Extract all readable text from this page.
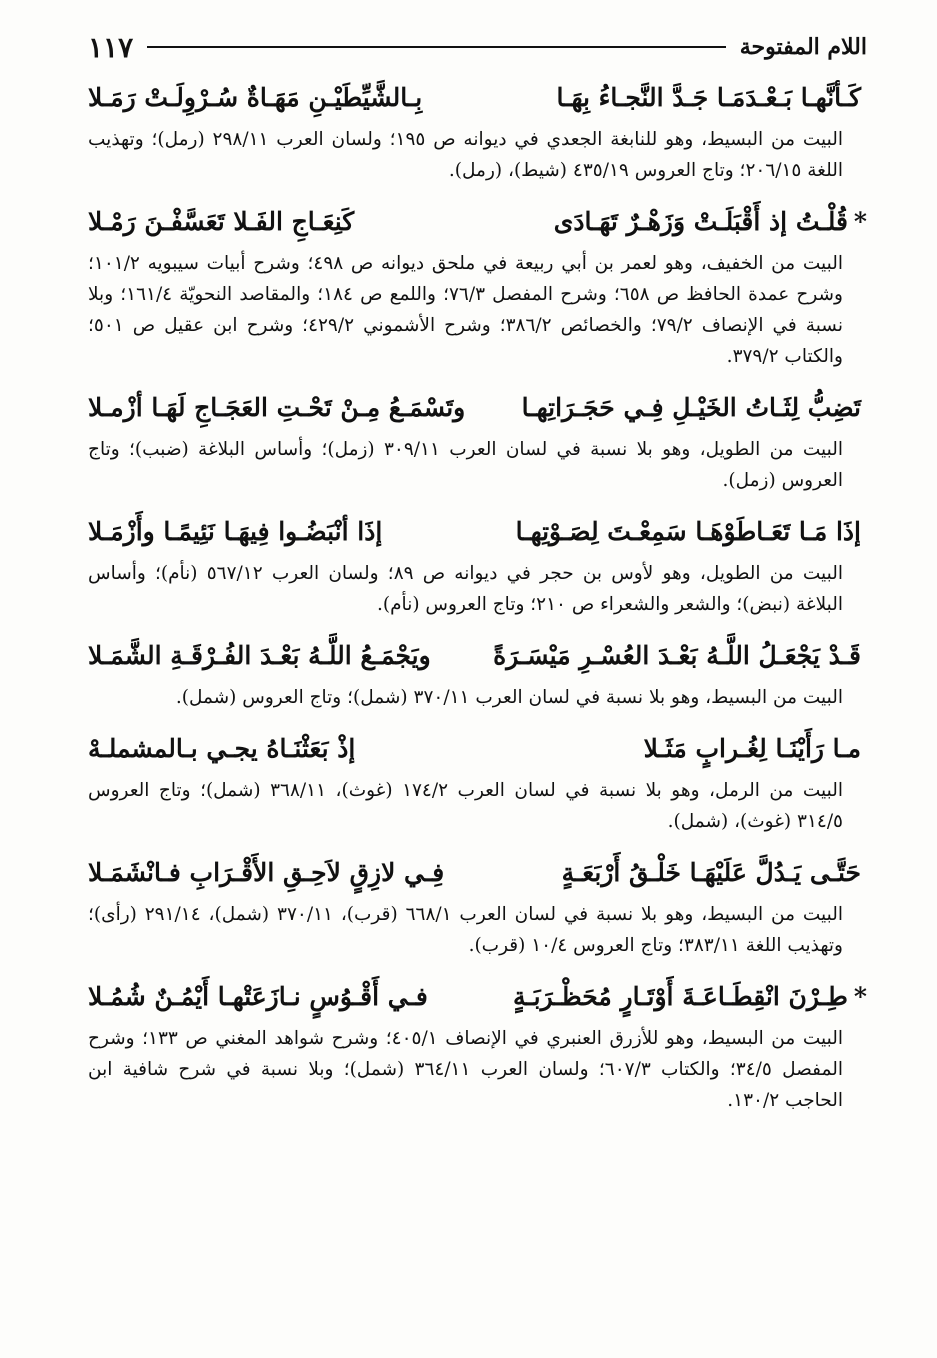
اللام المفتوحة
١١٧
كَـأنَّهـا بَـعْـدَمَـا جَـدَّ النَّجـاءُ بِهَـا
بِـالشَّيِّطَيْـنِ مَهَـاةٌ سُـرْوِلَـتْ رَمَـلا
البيت من البسيط، وهو للنابغة الجعدي في ديوانه ص ١٩٥؛ ولسان العرب ٢٩٨/١١ (رمل)؛ وتهذيب اللغة ٢٠٦/١٥؛ وتاج العروس ٤٣٥/١٩ (شيط)، (رمل).
*قُلْـتُ إذ أَقْبَلَـتْ وَزَهْـرٌ تَهَـادَى
كَنِعَـاجِ الفَـلا تَعَسَّفْـنَ رَمْـلا
البيت من الخفيف، وهو لعمر بن أبي ربيعة في ملحق ديوانه ص ٤٩٨؛ وشرح أبيات سيبويه ١٠١/٢؛ وشرح عمدة الحافظ ص ٦٥٨؛ وشرح المفصل ٧٦/٣؛ واللمع ص ١٨٤؛ والمقاصد النحويّة ١٦١/٤؛ وبلا نسبة في الإنصاف ٧٩/٢؛ والخصائص ٣٨٦/٢؛ وشرح الأشموني ٤٢٩/٢؛ وشرح ابن عقيل ص ٥٠١؛ والكتاب ٣٧٩/٢.
تَضِبُّ لِثَـاتُ الخَيْـلِ فِـي حَجَـرَاتِهـا
وتَسْمَـعُ مِـنْ تَحْـتِ العَجَـاجِ لَهَـا أزْمـلا
البيت من الطويل، وهو بلا نسبة في لسان العرب ٣٠٩/١١ (زمل)؛ وأساس البلاغة (ضبب)؛ وتاج العروس (زمل).
إذَا مَـا تَعَـاطَوْهَـا سَمِعْـتَ لِصَـوْتِهـا
إذَا أنْبَضُـوا فِيهَـا نَئِيمًـا وأَزْمَـلا
البيت من الطويل، وهو لأوس بن حجر في ديوانه ص ٨٩؛ ولسان العرب ٥٦٧/١٢ (نأم)؛ وأساس البلاغة (نبض)؛ والشعر والشعراء ص ٢١٠؛ وتاج العروس (نأم).
قَـدْ يَجْعَـلُ اللَّـهُ بَعْـدَ العُسْـرِ مَيْسَـرَةً
ويَجْمَـعُ اللَّـهُ بَعْـدَ الفُـرْقَـةِ الشَّمَـلا
البيت من البسيط، وهو بلا نسبة في لسان العرب ٣٧٠/١١ (شمل)؛ وتاج العروس (شمل).
مـا رَأَيْنَـا لِغُـرابٍ مَثَـلا
إذْ بَعَثْنَـاهُ يجـي بـالمشملـهْ
البيت من الرمل، وهو بلا نسبة في لسان العرب ١٧٤/٢ (غوث)، ٣٦٨/١١ (شمل)؛ وتاج العروس ٣١٤/٥ (غوث)، (شمل).
حَتَّـى يَـدُلَّ عَلَيْهَـا خَلْـقُ أَرْبَعَـةٍ
فِـي لازِقٍ لاَحِـقِ الأَقْـرَابِ فـانْشَمَـلا
البيت من البسيط، وهو بلا نسبة في لسان العرب ٦٦٨/١ (قرب)، ٣٧٠/١١ (شمل)، ٢٩١/١٤ (رأى)؛ وتهذيب اللغة ٣٨٣/١١؛ وتاج العروس ١٠/٤ (قرب).
*طِـرْنَ انْقِطَـاعَـةَ أَوْتَـارٍ مُحَظْـرَبَـةٍ
فـي أَقْـوُسٍ نـازَعَتْهـا أَيْمُـنٌ شُمُـلا
البيت من البسيط، وهو للأزرق العنبري في الإنصاف ٤٠٥/١؛ وشرح شواهد المغني ص ١٣٣؛ وشرح المفصل ٣٤/٥؛ والكتاب ٦٠٧/٣؛ ولسان العرب ٣٦٤/١١ (شمل)؛ وبلا نسبة في شرح شافية ابن الحاجب ١٣٠/٢.
